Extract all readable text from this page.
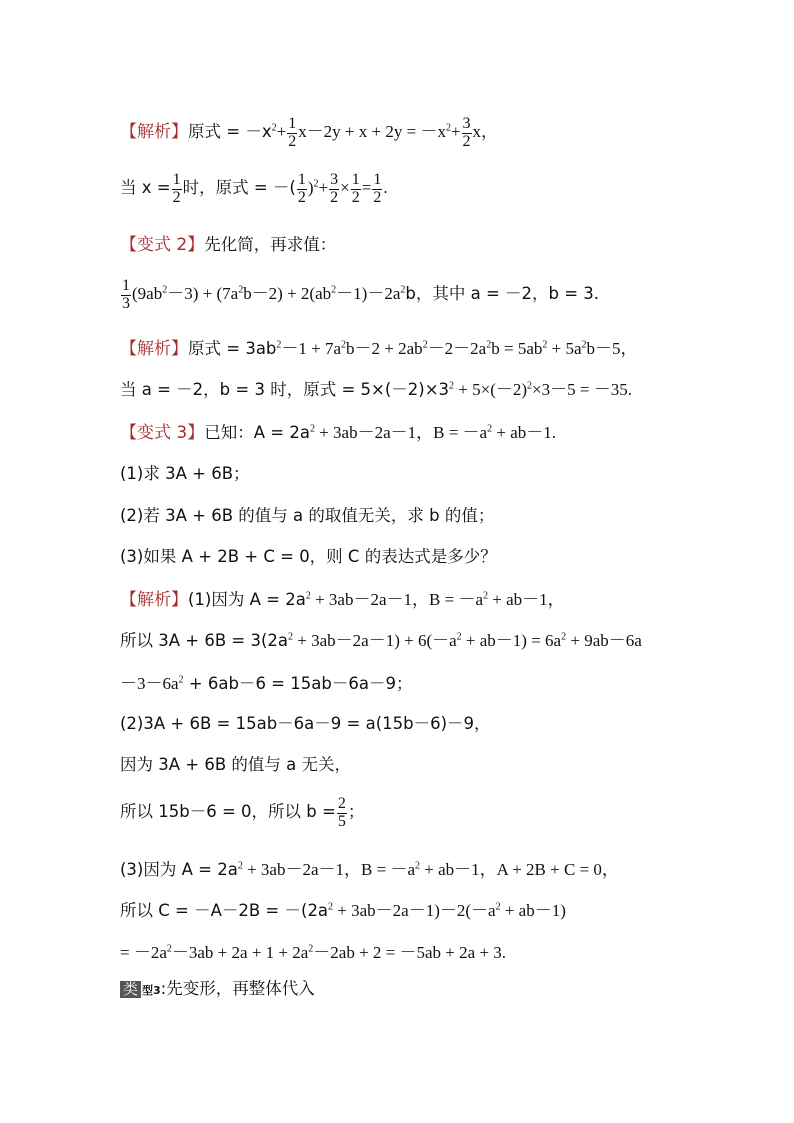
【解析】原式 = $-x^2+ \frac{1}{2} x-2y + x + 2y = -x^2+ \frac{3}{2}$ x，
当 $x = \frac{1}{2}$ 时，原式 = －( $\frac{1}{2} )^2+ \frac{3}{2} \times \frac{1}{2} = \frac{1}{2}$ .
【变式 2】先化简，再求值：
$\frac{1}{3} (9ab^2-3) + (7a^2b-2) + 2(ab^2-1)-2a^2b$，其中 a = －2，b = 3.
【解析】原式 = $3ab^2-1 + 7a^2b-2 + 2ab^2-2-2a^2b = 5ab^2 + 5a^2b-5$，
当 a = －2，b = 3 时，原式 = $5\times(-2)\times 3^2 + 5\times(-2)^2\times 3-5 = -35$.
【变式 3】已知：$A = 2a^2 + 3ab-2a-1$，$B = -a^2 + ab-1$.
(1)求 3A + 6B；
(2)若 3A + 6B 的值与 a 的取值无关，求 b 的值；
(3)如果 A + 2B + C = 0，则 C 的表达式是多少？
【解析】(1)因为 $A = 2a^2 + 3ab-2a-1$，$B = -a^2 + ab-1$，
所以 $3A + 6B = 3(2a^2 + 3ab-2a-1) + 6(-a^2 + ab-1) = 6a^2 + 9ab-6a$
$-3-6a^2 + 6ab-6 = 15ab-6a-9$；
(2)3A + 6B = 15ab－6a－9 = a(15b－6)－9，
因为 3A + 6B 的值与 a 无关，
所以 15b－6 = 0，所以 $b = \frac{2}{5}$ ；
(3)因为 $A = 2a^2 + 3ab-2a-1$，$B = -a^2 + ab-1$，A + 2B + C = 0，
所以 $C = -A-2B = -(2a^2 + 3ab-2a-1)-2(-a^2 + ab-1)$
= $-2a^2-3ab + 2a + 1 + 2a^2-2ab + 2 = -5ab + 2a + 3$.
类 型3:先变形，再整体代入
